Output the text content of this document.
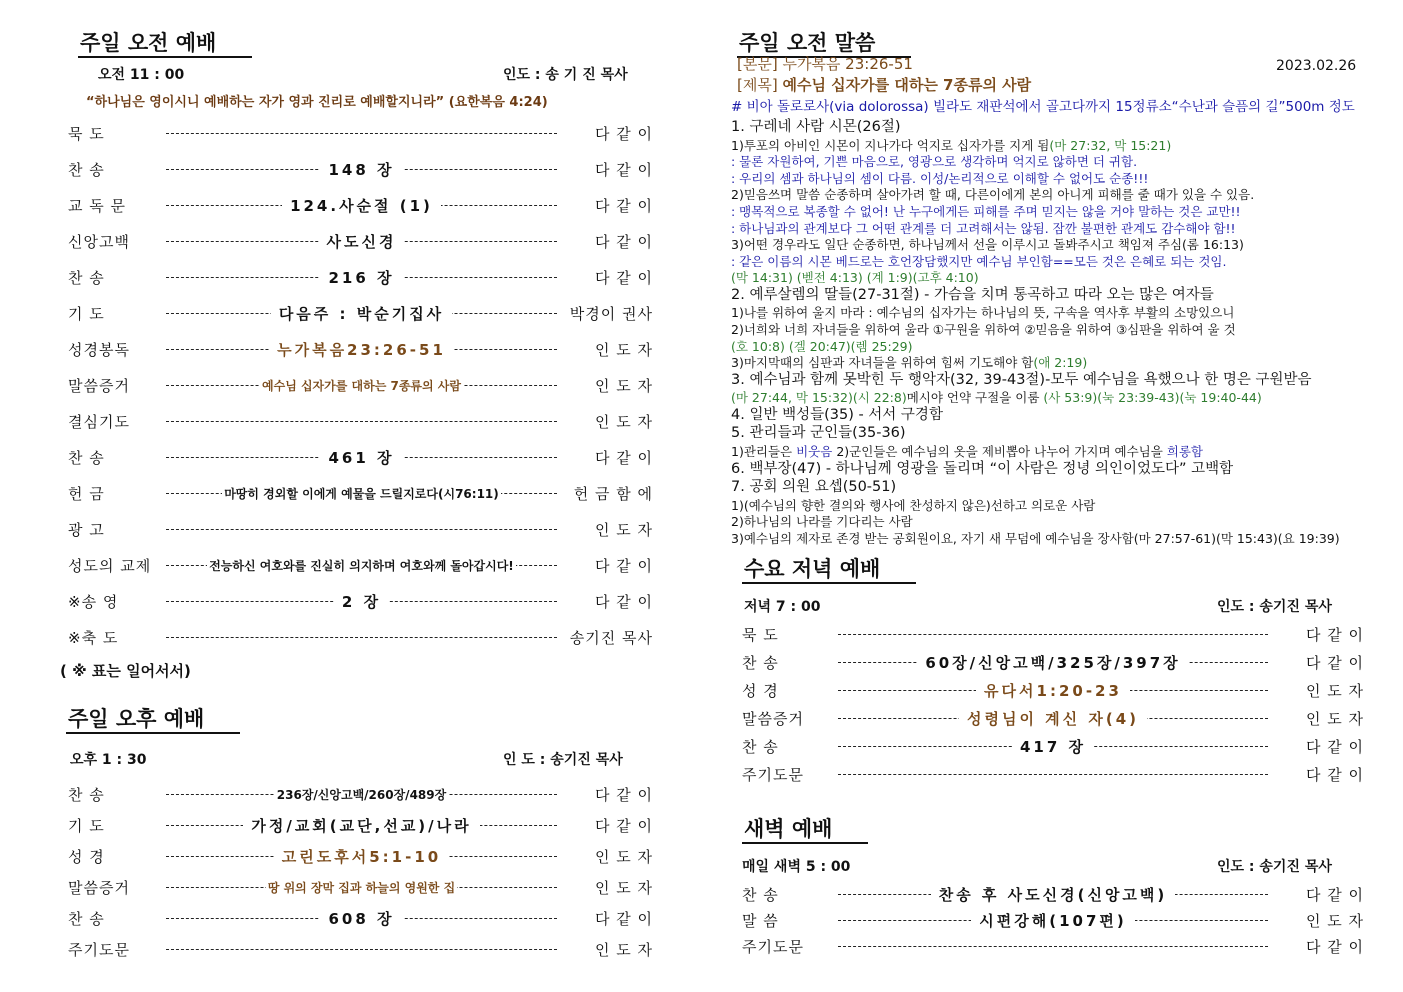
주일 오전 예배
오전 11 : 00	인도 : 송 기 진 목사
“하나님은 영이시니 예배하는 자가 영과 진리로 예배할지니라” (요한복음 4:24)
묵 도	다 같 이
찬 송	148 장	다 같 이
교 독 문	124.사순절 (1)	다 같 이
신앙고백	사도신경	다 같 이
찬 송	216 장	다 같 이
기 도	다음주 : 박순기집사	박경이 권사
성경봉독	누가복음23:26-51	인 도 자
말씀증거	예수님 십자가를 대하는 7종류의 사람	인 도 자
결심기도	인 도 자
찬 송	461 장	다 같 이
헌 금	마땅히 경외할 이에게 예물을 드릴지로다(시76:11)	헌 금 함 에
광 고	인 도 자
성도의 교제	전능하신 여호와를 진실히 의지하며 여호와께 돌아갑시다!	다 같 이
※송 영	2 장	다 같 이
※축 도	송기진 목사
( ※ 표는 일어서서)
주일 오후 예배
오후 1 : 30	인 도 : 송기진 목사
찬 송	236장/신앙고백/260장/489장	다 같 이
기 도	가정/교회(교단,선교)/나라	다 같 이
성 경	고린도후서5:1-10	인 도 자
말씀증거	땅 위의 장막 집과 하늘의 영원한 집	인 도 자
찬 송	608 장	다 같 이
주기도문	인 도 자
주일 오전 말씀
[본문] 누가복음 23:26-51	2023.02.26
[제목] 예수님 십자가를 대하는 7종류의 사람
# 비아 돌로로사(via dolorossa) 빌라도 재판석에서 골고다까지 15정류소“수난과 슬픔의 길”500m 정도
1. 구레네 사람 시몬(26절)
1)투포의 아비인 시몬이 지나가다 억지로 십자가를 지게 됨(마 27:32, 막 15:21)
: 물론 자원하여, 기쁜 마음으로, 영광으로 생각하며 억지로 않하면 더 귀함.
: 우리의 셈과 하나님의 셈이 다름. 이성/논리적으로 이해할 수 없어도 순종!!!
2)믿음쓰며 말씀 순종하며 살아가려 할 때, 다른이에게 본의 아니게 피해를 줄 때가 있을 수 있음.
: 맹목적으로 복종할 수 없어! 난 누구에게든 피해를 주며 믿지는 않을 거야 말하는 것은 교만!!
: 하나님과의 관계보다 그 어떤 관계를 더 고려해서는 않됨. 잠깐 불편한 관계도 감수해야 함!!
3)어떤 경우라도 일단 순종하면, 하나님께서 선을 이루시고 돌봐주시고 책임져 주심(롬 16:13)
: 같은 이름의 시몬 베드로는 호언장담했지만 예수님 부인함==모든 것은 은혜로 되는 것임.
(막 14:31) (벧전 4:13) (계 1:9)(고후 4:10)
2. 예루살렘의 딸들(27-31절) - 가슴을 치며 통곡하고 따라 오는 많은 여자들
1)나를 위하여 울지 마라 : 예수님의 십자가는 하나님의 뜻, 구속을 역사후 부활의 소망있으니
2)너희와 너희 자녀들을 위하여 울라 ①구원을 위하여 ②믿음을 위하여 ③심판을 위하여 울 것
(호 10:8) (겔 20:47)(렘 25:29)
3)마지막때의 심판과 자녀들을 위하여 힘써 기도해야 함(애 2:19)
3. 예수님과 함께 못박힌 두 행악자(32, 39-43절)-모두 예수님을 욕했으나 한 명은 구원받음
(마 27:44, 막 15:32)(시 22:8)메시야 언약 구절을 이룸 (사 53:9)(눅 23:39-43)(눅 19:40-44)
4. 일반 백성들(35) - 서서 구경함
5. 관리들과 군인들(35-36)
1)관리들은 비웃음 2)군인들은 예수님의 옷을 제비뽑아 나누어 가지며 예수님을 희롱함
6. 백부장(47) - 하나님께 영광을 돌리며 “이 사람은 정녕 의인이었도다” 고백함
7. 공회 의원 요셉(50-51)
1)(예수님의 향한 결의와 행사에 찬성하지 않은)선하고 의로운 사람
2)하나님의 나라를 기다리는 사람
3)예수님의 제자로 존경 받는 공회원이요, 자기 새 무덤에 예수님을 장사함(마 27:57-61)(막 15:43)(요 19:39)
수요 저녁 예배
저녁 7 : 00	인도 : 송기진 목사
묵 도	다 같 이
찬 송	60장/신앙고백/325장/397장	다 같 이
성 경	유다서1:20-23	인 도 자
말씀증거	성령님이 계신 자(4)	인 도 자
찬 송	417 장	다 같 이
주기도문	다 같 이
새벽 예배
매일 새벽 5 : 00	인도 : 송기진 목사
찬 송	찬송 후 사도신경(신앙고백)	다 같 이
말 씀	시편강해(107편)	인 도 자
주기도문	다 같 이
